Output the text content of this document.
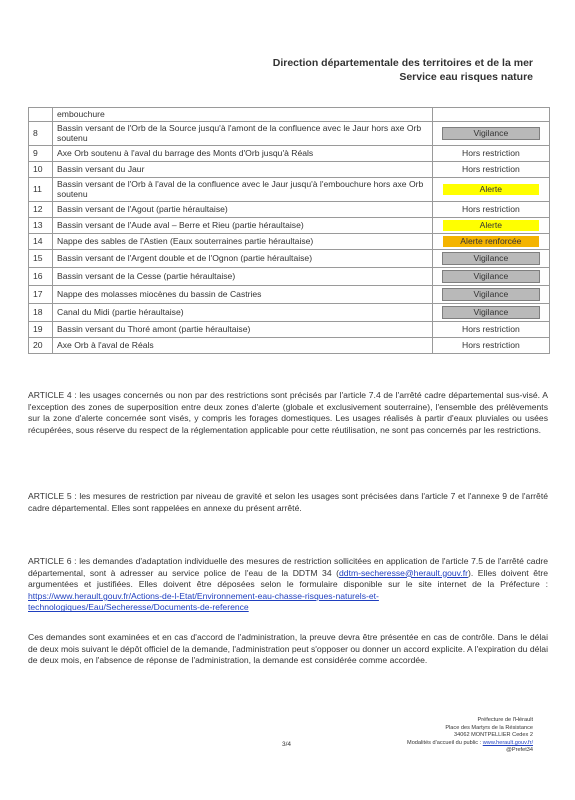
Direction départementale des territoires et de la mer
Service eau risques nature
	embouchure	

8	Bassin versant de l'Orb de la Source jusqu'à l'amont de la confluence avec le Jaur hors axe Orb soutenu	Vigilance

9	Axe Orb soutenu à l'aval du barrage des Monts d'Orb jusqu'à Réals	Hors restriction

10	Bassin versant du Jaur	Hors restriction

11	Bassin versant de l'Orb à l'aval de la confluence avec le Jaur jusqu'à l'embouchure hors axe Orb soutenu	Alerte

12	Bassin versant de l'Agout (partie héraultaise)	Hors restriction

13	Bassin versant de l'Aude aval – Berre et Rieu (partie héraultaise)	Alerte

14	Nappe des sables de l'Astien (Eaux souterraines partie héraultaise)	Alerte renforcée

15	Bassin versant de l'Argent double et de l'Ognon (partie héraultaise)	Vigilance

16	Bassin versant de la Cesse (partie héraultaise)	Vigilance

17	Nappe des molasses miocènes du bassin de Castries	Vigilance

18	Canal du Midi (partie héraultaise)	Vigilance

19	Bassin versant du Thoré amont (partie héraultaise)	Hors restriction

20	Axe Orb à l'aval de Réals	Hors restriction
ARTICLE 4 : les usages concernés ou non par des restrictions sont précisés par l'article 7.4 de l'arrêté cadre départemental sus-visé. A l'exception des zones de superposition entre deux zones d'alerte (globale et exclusivement souterraine), l'ensemble des prélèvements sur la zone d'alerte concernée sont visés, y compris les forages domestiques. Les usages réalisés à partir d'eaux pluviales ou usées récupérées, sous réserve du respect de la réglementation applicable pour cette réutilisation, ne sont pas concernés par les restrictions.
ARTICLE 5 : les mesures de restriction par niveau de gravité et selon les usages sont précisées dans l'article 7 et l'annexe 9 de l'arrêté cadre départemental. Elles sont rappelées en annexe du présent arrêté.
ARTICLE 6 : les demandes d'adaptation individuelle des mesures de restriction sollicitées en application de l'article 7.5 de l'arrêté cadre départemental, sont à adresser au service police de l'eau de la DDTM 34 (ddtm-secheresse@herault.gouv.fr). Elles doivent être argumentées et justifiées. Elles doivent être déposées selon le formulaire disponible sur le site internet de la Préfecture : https://www.herault.gouv.fr/Actions-de-l-Etat/Environnement-eau-chasse-risques-naturels-et-technologiques/Eau/Secheresse/Documents-de-reference
Ces demandes sont examinées et en cas d'accord de l'administration, la preuve devra être présentée en cas de contrôle. Dans le délai de deux mois suivant le dépôt officiel de la demande, l'administration peut s'opposer ou donner un accord explicite. A l'expiration du délai de deux mois, en l'absence de réponse de l'administration, la demande est considérée comme accordée.
Préfecture de l'Hérault
Place des Martyrs de la Résistance
34062 MONTPELLIER Cedex 2
Modalités d'accueil du public : www.herault.gouv.fr/
@Prefet34
3/4
